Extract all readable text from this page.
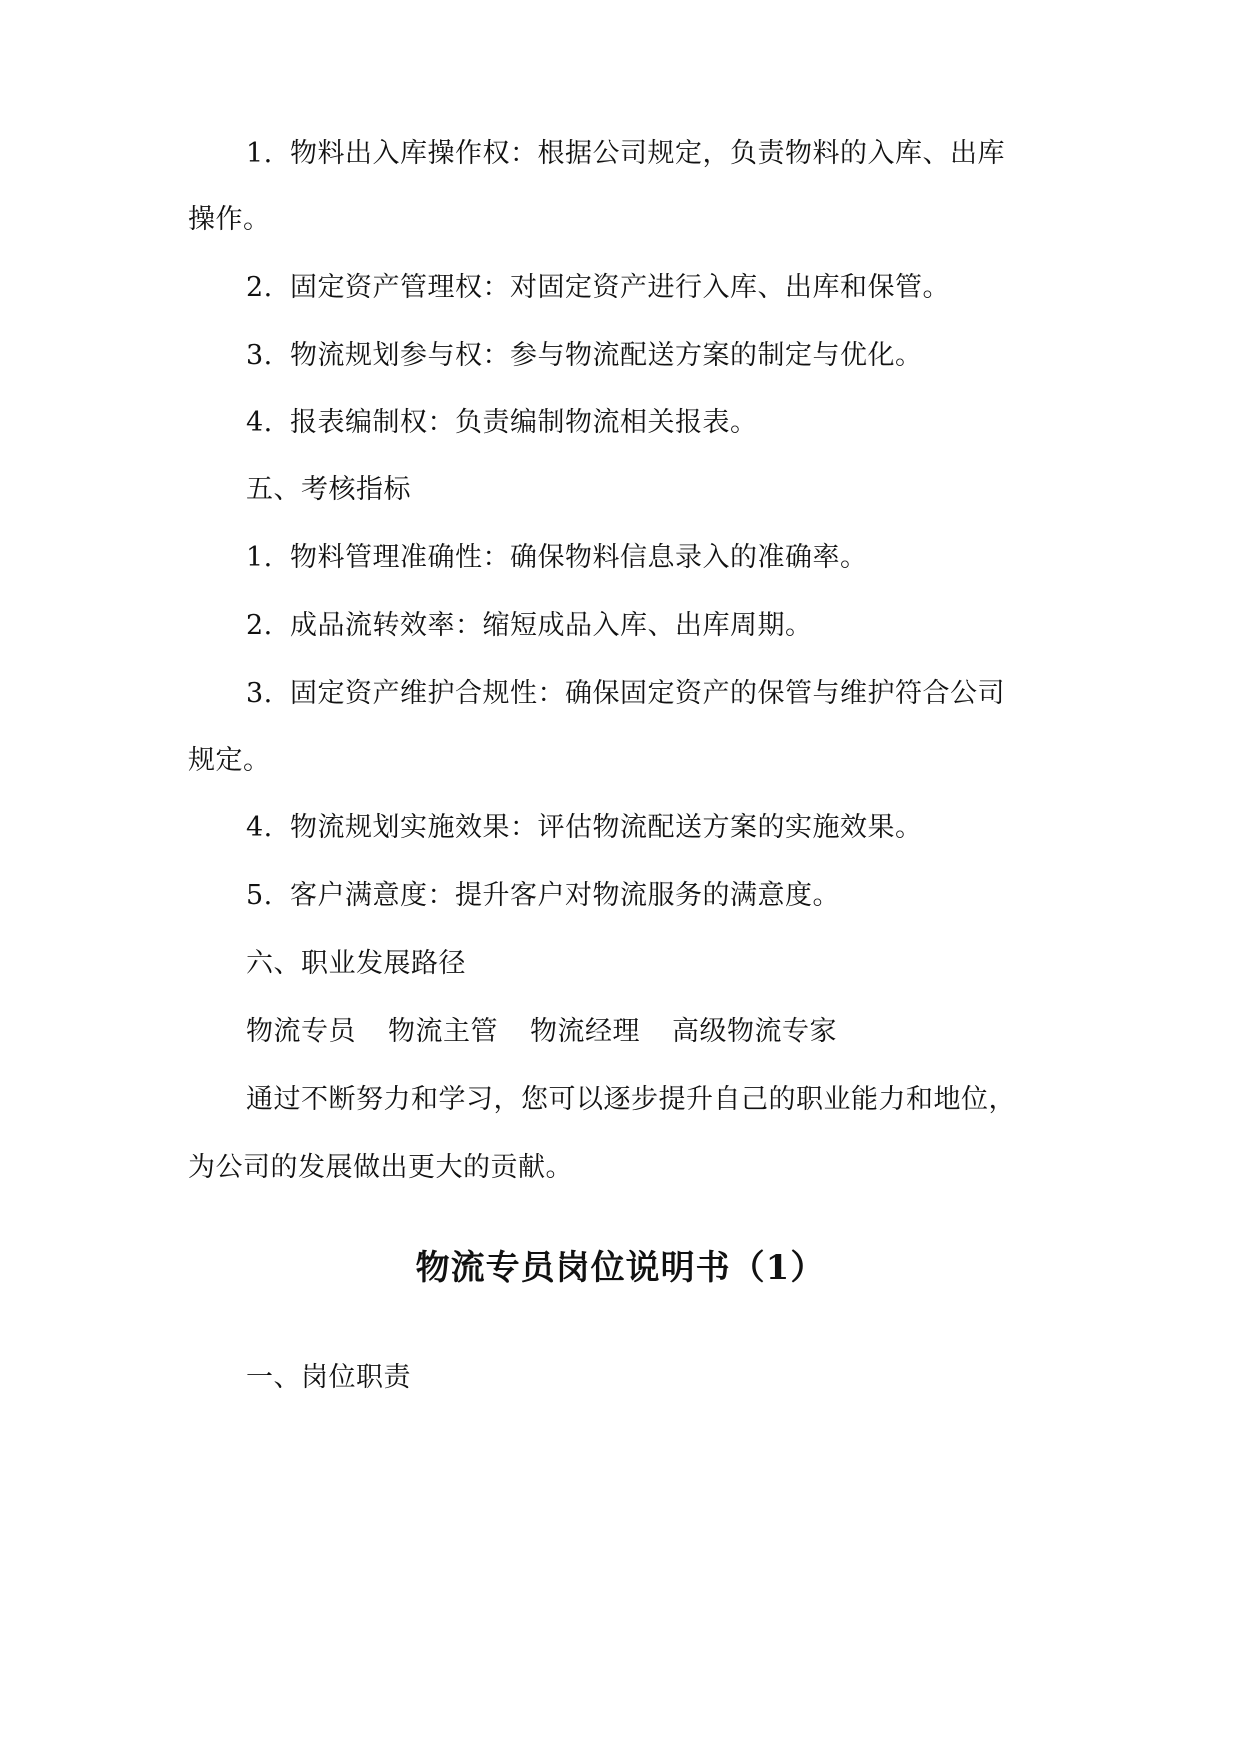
1. 物料出入库操作权：根据公司规定，负责物料的入库、出库
操作。
2. 固定资产管理权：对固定资产进行入库、出库和保管。
3. 物流规划参与权：参与物流配送方案的制定与优化。
4. 报表编制权：负责编制物流相关报表。
五、考核指标
1. 物料管理准确性：确保物料信息录入的准确率。
2. 成品流转效率：缩短成品入库、出库周期。
3. 固定资产维护合规性：确保固定资产的保管与维护符合公司
规定。
4. 物流规划实施效果：评估物流配送方案的实施效果。
5. 客户满意度：提升客户对物流服务的满意度。
六、职业发展路径
物流专员 物流主管 物流经理 高级物流专家
通过不断努力和学习，您可以逐步提升自己的职业能力和地位，
为公司的发展做出更大的贡献。
物流专员岗位说明书（1）
一、岗位职责
